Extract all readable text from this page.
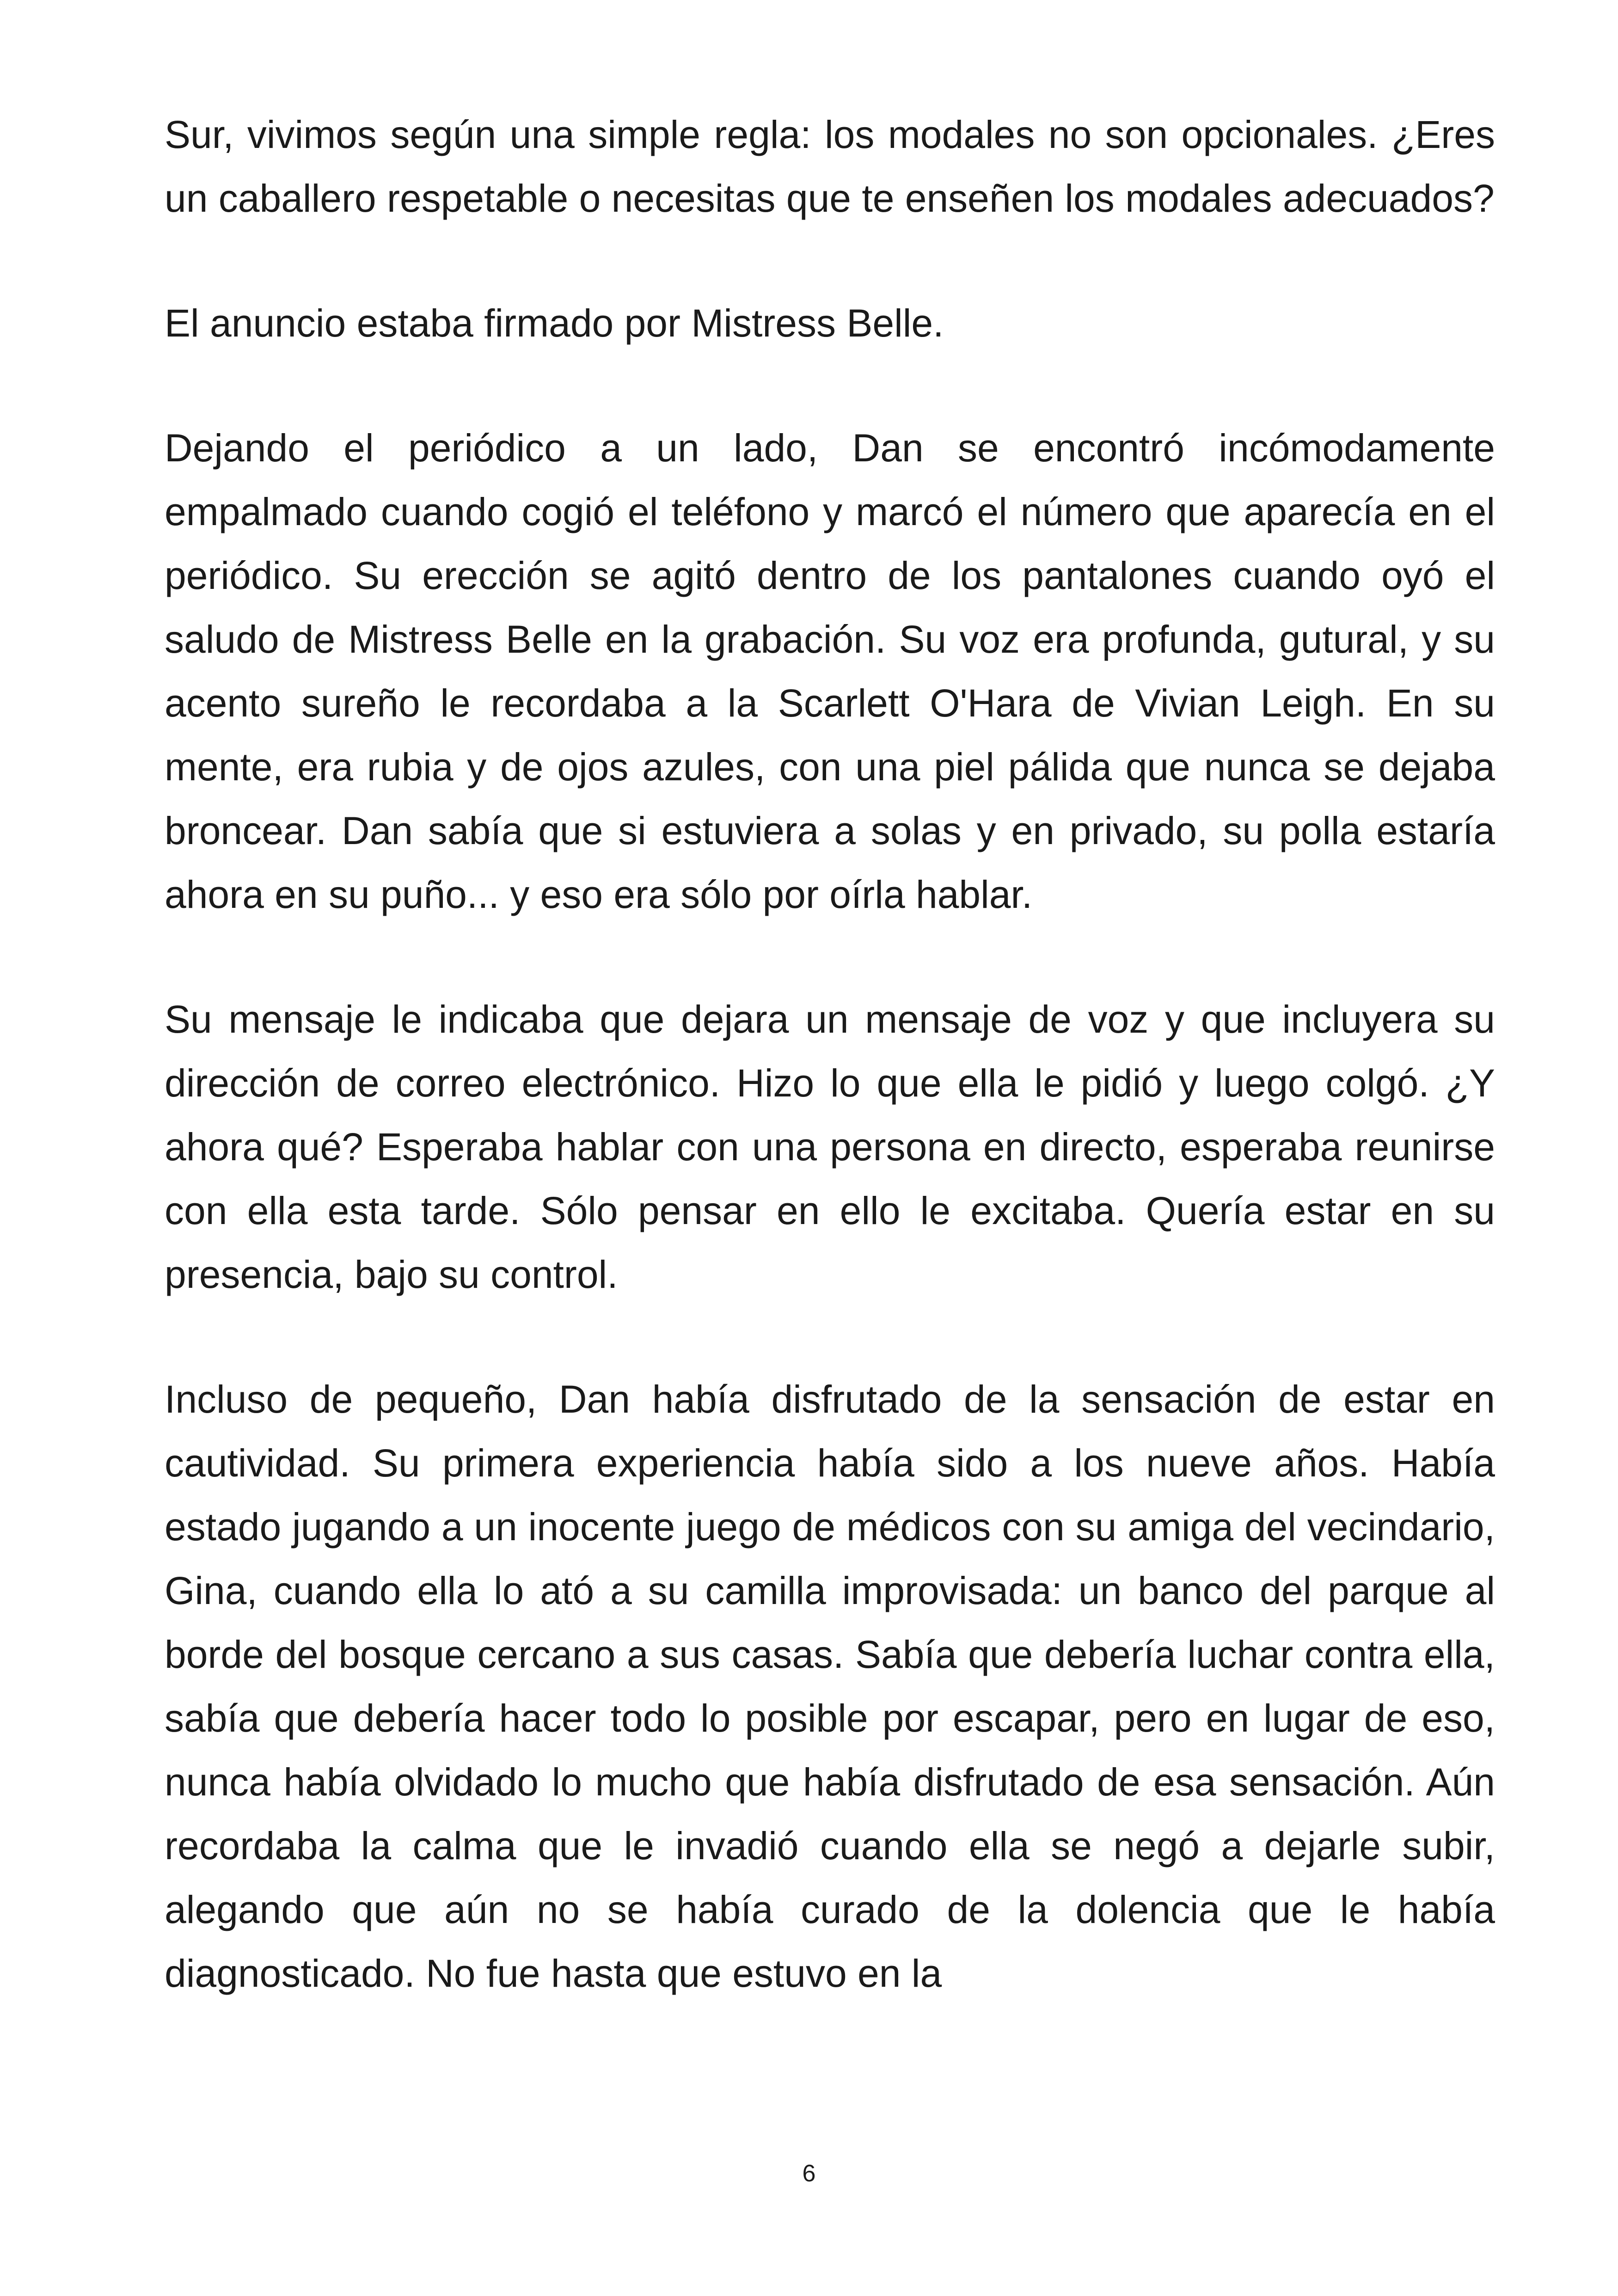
Sur, vivimos según una simple regla: los modales no son opcionales. ¿Eres un caballero respetable o necesitas que te enseñen los modales adecuados?

El anuncio estaba firmado por Mistress Belle.

Dejando el periódico a un lado, Dan se encontró incómodamente empalmado cuando cogió el teléfono y marcó el número que aparecía en el periódico. Su erección se agitó dentro de los pantalones cuando oyó el saludo de Mistress Belle en la grabación. Su voz era profunda, gutural, y su acento sureño le recordaba a la Scarlett O'Hara de Vivian Leigh. En su mente, era rubia y de ojos azules, con una piel pálida que nunca se dejaba broncear. Dan sabía que si estuviera a solas y en privado, su polla estaría ahora en su puño... y eso era sólo por oírla hablar.

Su mensaje le indicaba que dejara un mensaje de voz y que incluyera su dirección de correo electrónico. Hizo lo que ella le pidió y luego colgó. ¿Y ahora qué? Esperaba hablar con una persona en directo, esperaba reunirse con ella esta tarde. Sólo pensar en ello le excitaba. Quería estar en su presencia, bajo su control.

Incluso de pequeño, Dan había disfrutado de la sensación de estar en cautividad. Su primera experiencia había sido a los nueve años. Había estado jugando a un inocente juego de médicos con su amiga del vecindario, Gina, cuando ella lo ató a su camilla improvisada: un banco del parque al borde del bosque cercano a sus casas. Sabía que debería luchar contra ella, sabía que debería hacer todo lo posible por escapar, pero en lugar de eso, nunca había olvidado lo mucho que había disfrutado de esa sensación. Aún recordaba la calma que le invadió cuando ella se negó a dejarle subir, alegando que aún no se había curado de la dolencia que le había diagnosticado. No fue hasta que estuvo en la

6
